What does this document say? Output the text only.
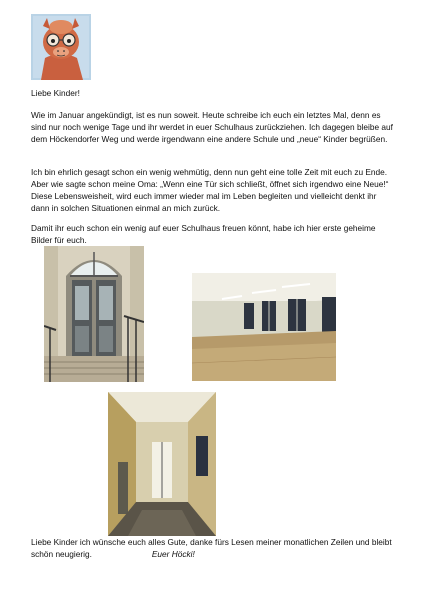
Liebe Kinder!
Wie im Januar angekündigt, ist es nun soweit. Heute schreibe ich euch ein letztes Mal, denn es sind nur noch wenige Tage und ihr werdet in euer Schulhaus zurückziehen. Ich dagegen bleibe auf dem Höckendorfer Weg und werde irgendwann eine andere Schule und „neue“ Kinder begrüßen.
Ich bin ehrlich gesagt schon ein wenig wehmütig, denn nun geht eine tolle Zeit mit euch zu Ende. Aber wie sagte schon meine Oma: „Wenn eine Tür sich schließt, öffnet sich irgendwo eine Neue!“ Diese Lebensweisheit, wird euch immer wieder mal im Leben begleiten und vielleicht denkt ihr dann in solchen Situationen einmal an mich zurück.
Damit ihr euch schon ein wenig auf euer Schulhaus freuen könnt, habe ich hier erste geheime Bilder für euch.
Liebe Kinder ich wünsche euch alles Gute, danke fürs Lesen meiner monatlichen Zeilen und bleibt schön neugierig.	Euer Höcki!
